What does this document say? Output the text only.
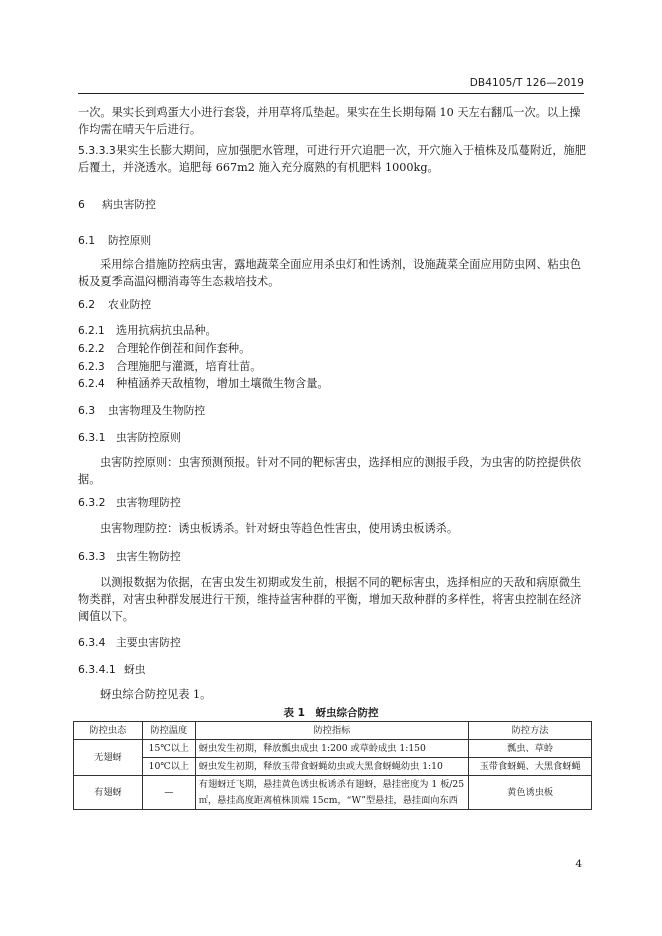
DB4105/T 126—2019
一次。果实长到鸡蛋大小进行套袋，并用草将瓜垫起。果实在生长期每隔 10 天左右翻瓜一次。以上操作均需在晴天午后进行。
5.3.3.3果实生长膨大期间，应加强肥水管理，可进行开穴追肥一次，开穴施入于植株及瓜蔓附近，施肥后覆土，并浇透水。追肥每 667m2 施入充分腐熟的有机肥料 1000kg。
6 病虫害防控
6.1 防控原则
采用综合措施防控病虫害，露地蔬菜全面应用杀虫灯和性诱剂，设施蔬菜全面应用防虫网、粘虫色板及夏季高温闷棚消毒等生态栽培技术。
6.2 农业防控
6.2.1 选用抗病抗虫品种。
6.2.2 合理轮作倒茬和间作套种。
6.2.3 合理施肥与灌溉，培育壮苗。
6.2.4 种植涵养天敌植物，增加土壤微生物含量。
6.3 虫害物理及生物防控
6.3.1 虫害防控原则
虫害防控原则：虫害预测预报。针对不同的靶标害虫，选择相应的测报手段，为虫害的防控提供依据。
6.3.2 虫害物理防控
虫害物理防控：诱虫板诱杀。针对蚜虫等趋色性害虫，使用诱虫板诱杀。
6.3.3 虫害生物防控
以测报数据为依据，在害虫发生初期或发生前，根据不同的靶标害虫，选择相应的天敌和病原微生物类群，对害虫种群发展进行干预，维持益害种群的平衡，增加天敌种群的多样性，将害虫控制在经济阈值以下。
6.3.4 主要虫害防控
6.3.4.1 蚜虫
蚜虫综合防控见表 1。
表 1　蚜虫综合防控
防控虫态	防控温度	防控指标	防控方法
无翅蚜	15℃以上	蚜虫发生初期，释放瓢虫成虫 1:200 或草蛉成虫 1:150	瓢虫、草蛉
	10℃以上	蚜虫发生初期，释放玉带食蚜蝇幼虫或大黑食蚜蝇幼虫 1:10	玉带食蚜蝇、大黑食蚜蝇
有翅蚜	—	有翅蚜迁飞期，悬挂黄色诱虫板诱杀有翅蚜，悬挂密度为 1 板/25 ㎡，悬挂高度距离植株顶端 15cm，“W”型悬挂，悬挂面向东西	黄色诱虫板
4
